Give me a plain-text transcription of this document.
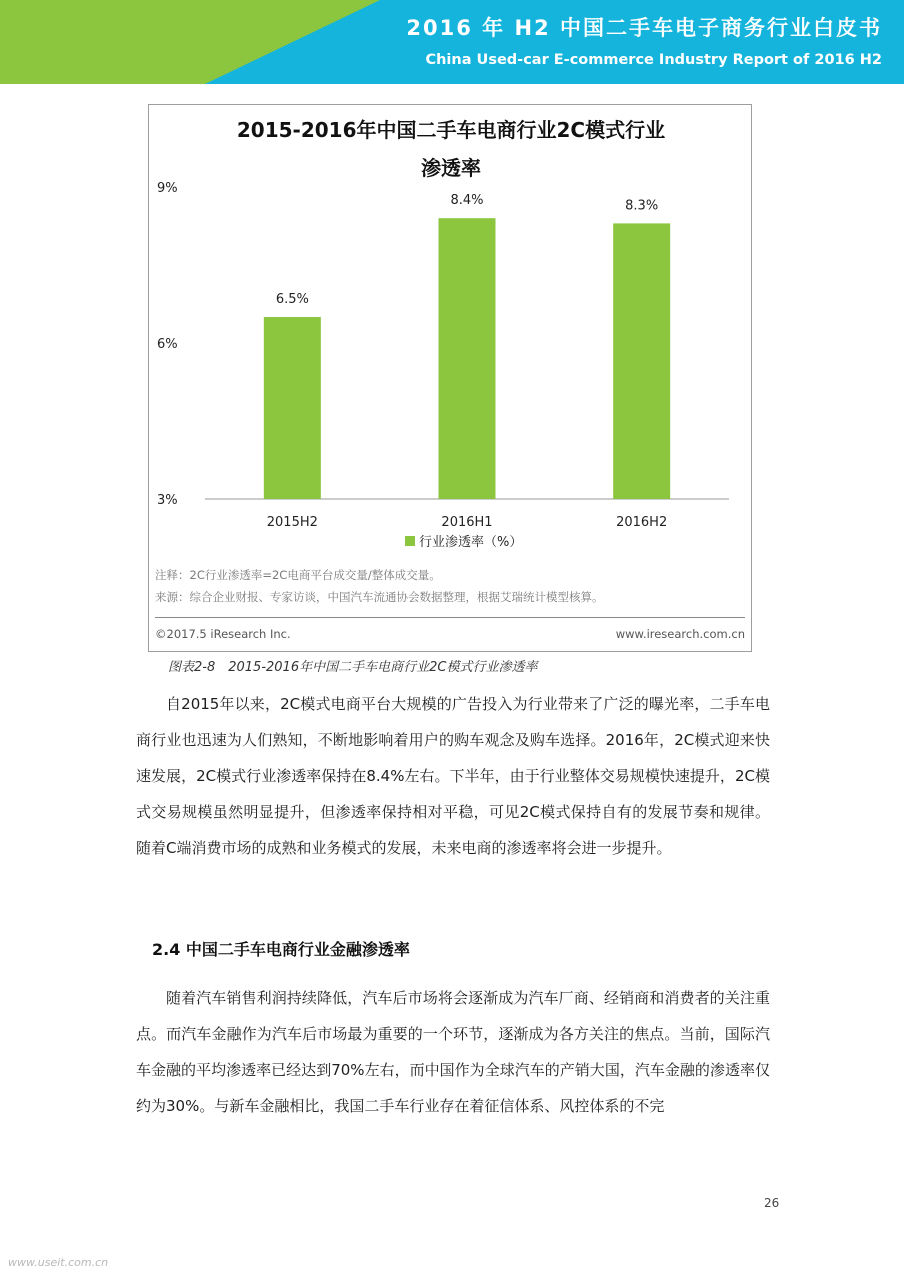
2016 年 H2 中国二手车电子商务行业白皮书
China Used-car E-commerce Industry Report of 2016 H2
2015-2016年中国二手车电商行业2C模式行业
渗透率
3%
6%
9%
6.5%
2015H2
8.4%
2016H1
8.3%
2016H2
行业渗透率（%）
注释：2C行业渗透率=2C电商平台成交量/整体成交量。
来源：综合企业财报、专家访谈，中国汽车流通协会数据整理，根据艾瑞统计模型核算。
©2017.5 iResearch Inc.	www.iresearch.com.cn
图表2-8　2015-2016年中国二手车电商行业2C模式行业渗透率

自2015年以来，2C模式电商平台大规模的广告投入为行业带来了广泛的曝光率，二手车电商行业也迅速为人们熟知，不断地影响着用户的购车观念及购车选择。2016年，2C模式迎来快速发展，2C模式行业渗透率保持在8.4%左右。下半年，由于行业整体交易规模快速提升，2C模式交易规模虽然明显提升，但渗透率保持相对平稳，可见2C模式保持自有的发展节奏和规律。随着C端消费市场的成熟和业务模式的发展，未来电商的渗透率将会进一步提升。

2.4 中国二手车电商行业金融渗透率

随着汽车销售利润持续降低，汽车后市场将会逐渐成为汽车厂商、经销商和消费者的关注重点。而汽车金融作为汽车后市场最为重要的一个环节，逐渐成为各方关注的焦点。当前，国际汽车金融的平均渗透率已经达到70%左右，而中国作为全球汽车的产销大国，汽车金融的渗透率仅约为30%。与新车金融相比，我国二手车行业存在着征信体系、风控体系的不完

26
www.useit.com.cn
